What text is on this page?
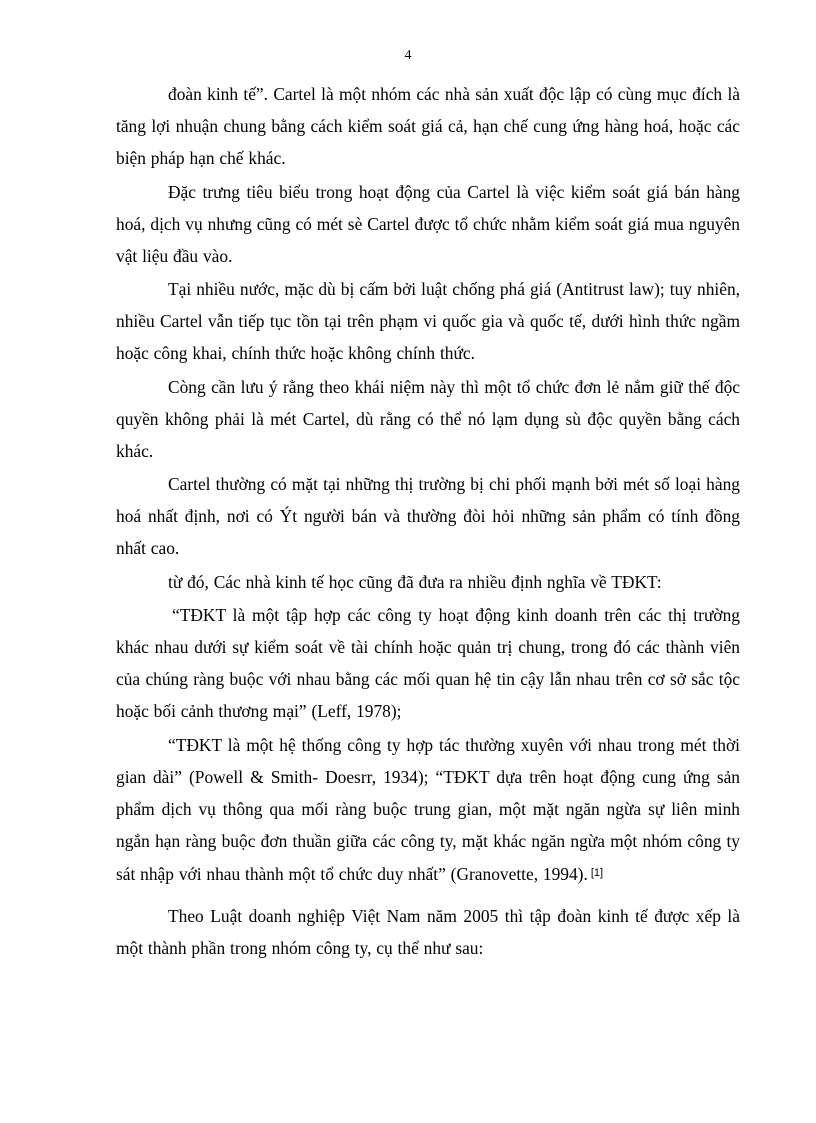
4

đoàn kinh tế”. Cartel là một nhóm các nhà sản xuất độc lập có cùng mục đích là tăng lợi nhuận chung bằng cách kiểm soát giá cả, hạn chế cung ứng hàng hoá, hoặc các biện pháp hạn chế khác.

Đặc trưng tiêu biểu trong hoạt động của Cartel là việc kiểm soát giá bán hàng hoá, dịch vụ nhưng cũng có mét sè Cartel được tổ chức nhằm kiểm soát giá mua nguyên vật liệu đầu vào.

Tại nhiều nước, mặc dù bị cấm bởi luật chống phá giá (Antitrust law); tuy nhiên, nhiều Cartel vẫn tiếp tục tồn tại trên phạm vi quốc gia và quốc tế, dưới hình thức ngầm hoặc công khai, chính thức hoặc không chính thức.

Còng cần lưu ý rằng theo khái niệm này thì một tổ chức đơn lẻ nắm giữ thế độc quyền không phải là mét Cartel, dù rằng có thể nó lạm dụng sù độc quyền bằng cách khác.

Cartel thường có mặt tại những thị trường bị chi phối mạnh bởi mét số loại hàng hoá nhất định, nơi có Ýt người bán và thường đòi hỏi những sản phẩm có tính đồng nhất cao.

từ đó, Các nhà kinh tế học cũng đã đưa ra nhiều định nghĩa về TĐKT:

“TĐKT là một tập hợp các công ty hoạt động kinh doanh trên các thị trường khác nhau dưới sự kiểm soát về tài chính hoặc quản trị chung, trong đó các thành viên của chúng ràng buộc với nhau bằng các mối quan hệ tin cậy lẫn nhau trên cơ sở sắc tộc hoặc bối cảnh thương mại” (Leff, 1978);

“TĐKT là một hệ thống công ty hợp tác thường xuyên với nhau trong mét thời gian dài” (Powell & Smith- Doesrr, 1934); “TĐKT dựa trên hoạt động cung ứng sản phẩm dịch vụ thông qua mối ràng buộc trung gian, một mặt ngăn ngừa sự liên minh ngắn hạn ràng buộc đơn thuần giữa các công ty, mặt khác ngăn ngừa một nhóm công ty sát nhập với nhau thành một tổ chức duy nhất” (Granovette, 1994). [1]

Theo Luật doanh nghiệp Việt Nam năm 2005 thì tập đoàn kinh tế được xếp là một thành phần trong nhóm công ty, cụ thể như sau:
